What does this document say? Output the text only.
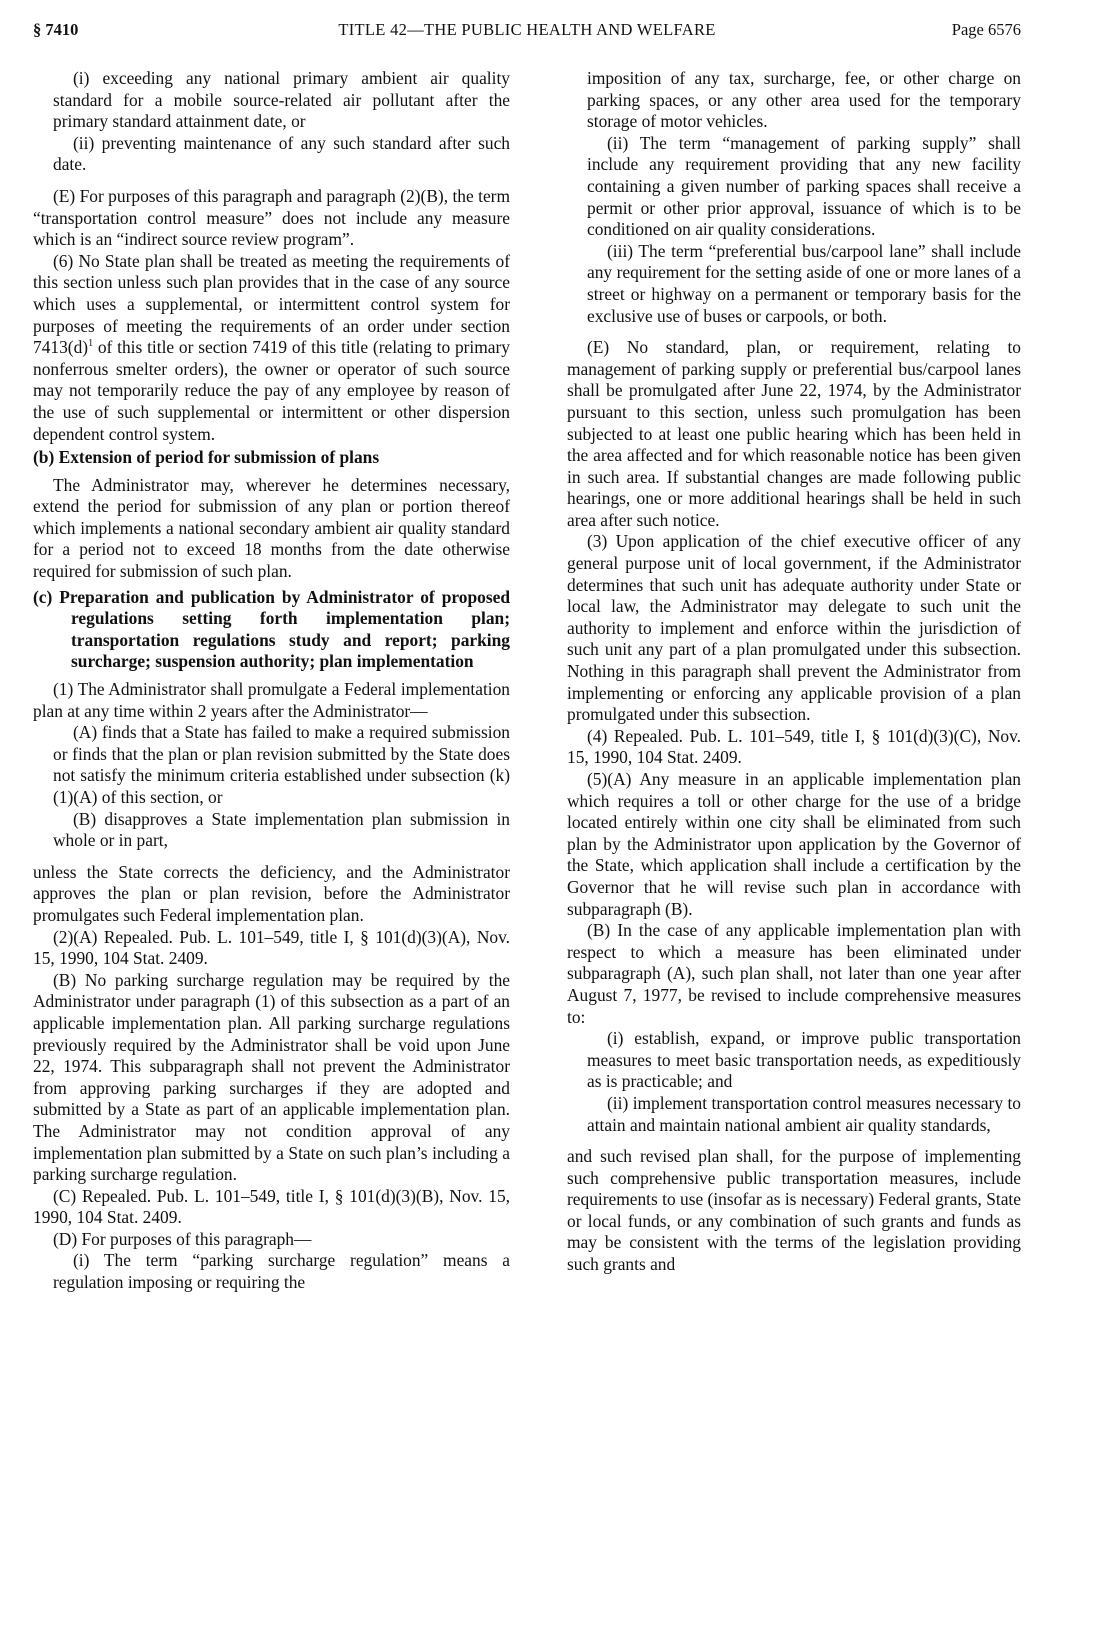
§ 7410	TITLE 42—THE PUBLIC HEALTH AND WELFARE	Page 6576

(i) exceeding any national primary ambient air quality standard for a mobile source-related air pollutant after the primary standard attainment date, or

(ii) preventing maintenance of any such standard after such date.

(E) For purposes of this paragraph and paragraph (2)(B), the term “transportation control measure” does not include any measure which is an “indirect source review program”.

(6) No State plan shall be treated as meeting the requirements of this section unless such plan provides that in the case of any source which uses a supplemental, or intermittent control system for purposes of meeting the requirements of an order under section $7413(d)^1$ of this title or section 7419 of this title (relating to primary nonferrous smelter orders), the owner or operator of such source may not temporarily reduce the pay of any employee by reason of the use of such supplemental or intermittent or other dispersion dependent control system.

(b) Extension of period for submission of plans

The Administrator may, wherever he determines necessary, extend the period for submission of any plan or portion thereof which implements a national secondary ambient air quality standard for a period not to exceed 18 months from the date otherwise required for submission of such plan.

(c) Preparation and publication by Administrator of proposed regulations setting forth implementation plan; transportation regulations study and report; parking surcharge; suspension authority; plan implementation

(1) The Administrator shall promulgate a Federal implementation plan at any time within 2 years after the Administrator—

(A) finds that a State has failed to make a required submission or finds that the plan or plan revision submitted by the State does not satisfy the minimum criteria established under subsection (k)(1)(A) of this section, or

(B) disapproves a State implementation plan submission in whole or in part,

unless the State corrects the deficiency, and the Administrator approves the plan or plan revision, before the Administrator promulgates such Federal implementation plan.

(2)(A) Repealed. Pub. L. 101–549, title I, § 101(d)(3)(A), Nov. 15, 1990, 104 Stat. 2409.

(B) No parking surcharge regulation may be required by the Administrator under paragraph (1) of this subsection as a part of an applicable implementation plan. All parking surcharge regulations previously required by the Administrator shall be void upon June 22, 1974. This subparagraph shall not prevent the Administrator from approving parking surcharges if they are adopted and submitted by a State as part of an applicable implementation plan. The Administrator may not condition approval of any implementation plan submitted by a State on such plan’s including a parking surcharge regulation.

(C) Repealed. Pub. L. 101–549, title I, § 101(d)(3)(B), Nov. 15, 1990, 104 Stat. 2409.

(D) For purposes of this paragraph—

(i) The term “parking surcharge regulation” means a regulation imposing or requiring the

imposition of any tax, surcharge, fee, or other charge on parking spaces, or any other area used for the temporary storage of motor vehicles.

(ii) The term “management of parking supply” shall include any requirement providing that any new facility containing a given number of parking spaces shall receive a permit or other prior approval, issuance of which is to be conditioned on air quality considerations.

(iii) The term “preferential bus/carpool lane” shall include any requirement for the setting aside of one or more lanes of a street or highway on a permanent or temporary basis for the exclusive use of buses or carpools, or both.

(E) No standard, plan, or requirement, relating to management of parking supply or preferential bus/carpool lanes shall be promulgated after June 22, 1974, by the Administrator pursuant to this section, unless such promulgation has been subjected to at least one public hearing which has been held in the area affected and for which reasonable notice has been given in such area. If substantial changes are made following public hearings, one or more additional hearings shall be held in such area after such notice.

(3) Upon application of the chief executive officer of any general purpose unit of local government, if the Administrator determines that such unit has adequate authority under State or local law, the Administrator may delegate to such unit the authority to implement and enforce within the jurisdiction of such unit any part of a plan promulgated under this subsection. Nothing in this paragraph shall prevent the Administrator from implementing or enforcing any applicable provision of a plan promulgated under this subsection.

(4) Repealed. Pub. L. 101–549, title I, § 101(d)(3)(C), Nov. 15, 1990, 104 Stat. 2409.

(5)(A) Any measure in an applicable implementation plan which requires a toll or other charge for the use of a bridge located entirely within one city shall be eliminated from such plan by the Administrator upon application by the Governor of the State, which application shall include a certification by the Governor that he will revise such plan in accordance with subparagraph (B).

(B) In the case of any applicable implementation plan with respect to which a measure has been eliminated under subparagraph (A), such plan shall, not later than one year after August 7, 1977, be revised to include comprehensive measures to:

(i) establish, expand, or improve public transportation measures to meet basic transportation needs, as expeditiously as is practicable; and

(ii) implement transportation control measures necessary to attain and maintain national ambient air quality standards,

and such revised plan shall, for the purpose of implementing such comprehensive public transportation measures, include requirements to use (insofar as is necessary) Federal grants, State or local funds, or any combination of such grants and funds as may be consistent with the terms of the legislation providing such grants and
